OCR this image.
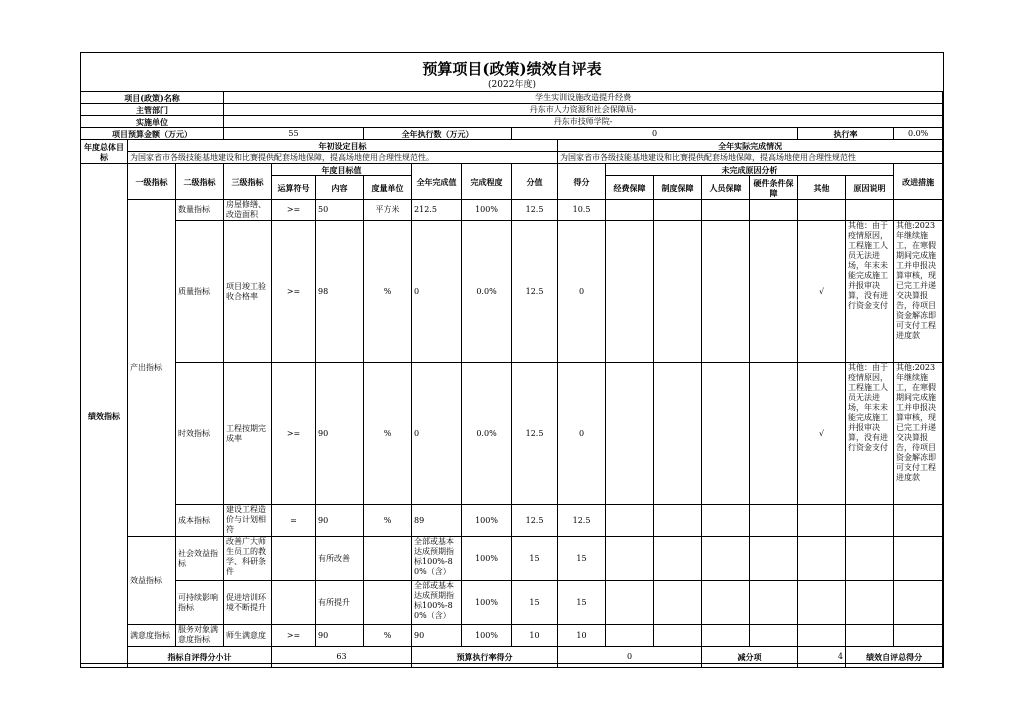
预算项目(政策)绩效自评表
(2022年度)
项目(政策)名称			学生实训设施改造提升经费															
主管部门			丹东市人力资源和社会保障局-															
实施单位			丹东市技师学院-															
项目预算金额（万元）			55			全年执行数（万元）			0						执行率		0.0%	
年度总体目标	年初设定目标									全年实际完成情况								
	为国家省市各级技能基地建设和比赛提供配套场地保障，提高场地使用合理性规范性。									为国家省市各级技能基地建设和比赛提供配套场地保障，提高场地使用合理性规范性								
绩效指标	一级指标	二级指标	三级指标	年度目标值			全年完成值	完成程度	分值	得分	未完成原因分析						改进措施	
				运算符号	内容	度量单位					经费保障	制度保障	人员保障	硬件条件保障	其他	原因说明		

	产出指标	数量指标	房屋修缮、改造面积	>=	50	平方米	212.5	100%	12.5	10.5								
		质量指标	项目竣工验收合格率	>=	98	%	0	0.0%	12.5	0					√	其他：由于疫情原因，工程施工人员无法进场，年末未能完成施工并报审决算，没有进行资金支付	其他:2023年继续施工，在寒假期间完成施工并申报决算审核，现已完工并递交决算报告，待项目资金解冻即可支付工程进度款	
		时效指标	工程按期完成率	>=	90	%	0	0.0%	12.5	0					√	其他：由于疫情原因，工程施工人员无法进场，年末未能完成施工并报审决算，没有进行资金支付	其他:2023年继续施工，在寒假期间完成施工并申报决算审核，现已完工并递交决算报告，待项目资金解冻即可支付工程进度款	
		成本指标	建设工程造价与计划相符	=	90	%	89	100%	12.5	12.5								
	效益指标	社会效益指标	改善广大师生员工的教学、科研条件		有所改善		全部或基本达成预期指标100%-80%（含）	100%	15	15								
		可持续影响指标	促进培训环境不断提升		有所提升		全部或基本达成预期指标100%-80%（含）	100%	15	15								
	满意度指标	服务对象满意度指标	师生满意度	>=	90	%	90	100%	10	10								
	指标自评得分小计			63			预算执行率得分			0			减分项		4	绩效自评总得分	
